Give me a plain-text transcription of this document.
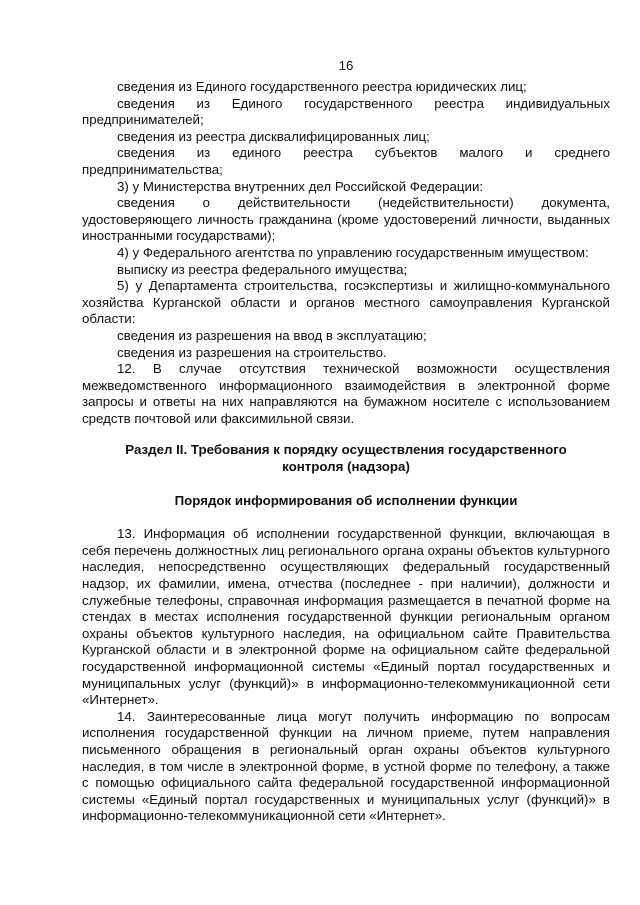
16

сведения из Единого государственного реестра юридических лиц;

сведения из Единого государственного реестра индивидуальных предпринимателей;

сведения из реестра дисквалифицированных лиц;

сведения из единого реестра субъектов малого и среднего предпринимательства;

3) у Министерства внутренних дел Российской Федерации:

сведения о действительности (недействительности) документа, удостоверяющего личность гражданина (кроме удостоверений личности, выданных иностранными государствами);

4) у Федерального агентства по управлению государственным имуществом:

выписку из реестра федерального имущества;

5) у Департамента строительства, госэкспертизы и жилищно-коммунального хозяйства Курганской области и органов местного самоуправления Курганской области:

сведения из разрешения на ввод в эксплуатацию;

сведения из разрешения на строительство.

12. В случае отсутствия технической возможности осуществления межведомственного информационного взаимодействия в электронной форме запросы и ответы на них направляются на бумажном носителе с использованием средств почтовой или факсимильной связи.

Раздел II. Требования к порядку осуществления государственного контроля (надзора)
Порядок информирования об исполнении функции

13. Информация об исполнении государственной функции, включающая в себя перечень должностных лиц регионального органа охраны объектов культурного наследия, непосредственно осуществляющих федеральный государственный надзор, их фамилии, имена, отчества (последнее - при наличии), должности и служебные телефоны, справочная информация размещается в печатной форме на стендах в местах исполнения государственной функции региональным органом охраны объектов культурного наследия, на официальном сайте Правительства Курганской области и в электронной форме на официальном сайте федеральной государственной информационной системы «Единый портал государственных и муниципальных услуг (функций)» в информационно-телекоммуникационной сети «Интернет».

14. Заинтересованные лица могут получить информацию по вопросам исполнения государственной функции на личном приеме, путем направления письменного обращения в региональный орган охраны объектов культурного наследия, в том числе в электронной форме, в устной форме по телефону, а также с помощью официального сайта федеральной государственной информационной системы «Единый портал государственных и муниципальных услуг (функций)» в информационно-телекоммуникационной сети «Интернет».
